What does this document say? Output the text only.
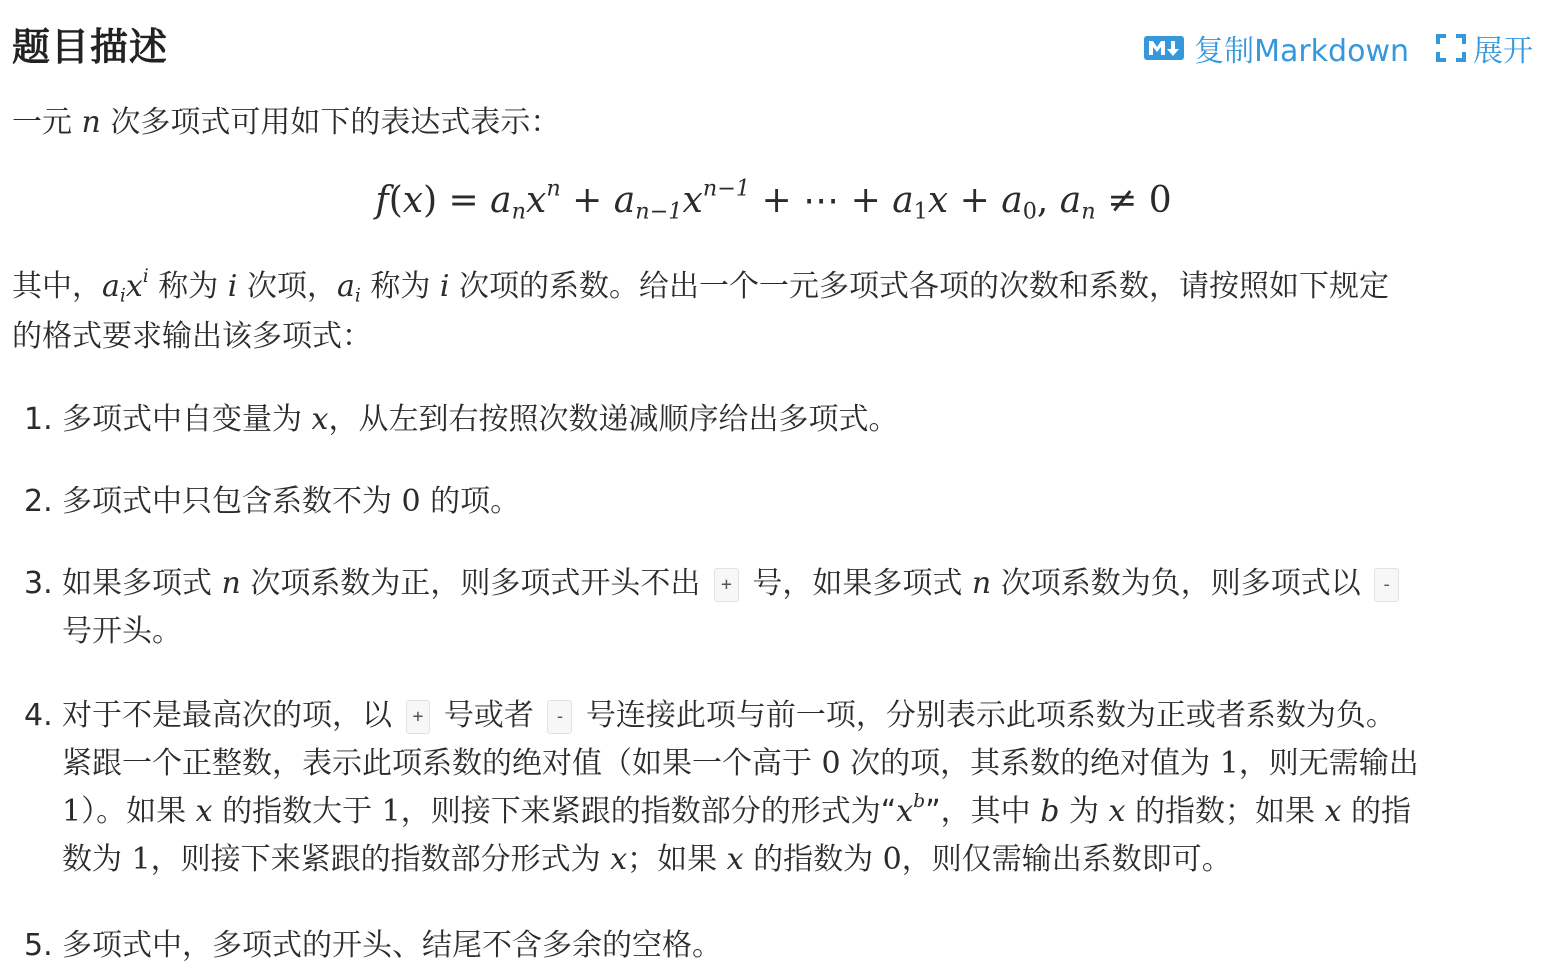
题目描述	复制Markdown 展开
一元 n 次多项式可用如下的表达式表示：
$f(x) = a_nx^n + a_{n-1}x^{n-1}$ + ⋯ + $a_1x + a_0$, $a_n \ne 0$
其中，$a_ix^i$ 称为 i 次项，$a_i$ 称为 i 次项的系数。给出一个一元多项式各项的次数和系数，请按照如下规定
的格式要求输出该多项式：
1. 多项式中自变量为 x，从左到右按照次数递减顺序给出多项式。
2. 多项式中只包含系数不为 0 的项。
3. 如果多项式 n 次项系数为正，则多项式开头不出 + 号，如果多项式 n 次项系数为负，则多项式以 -
号开头。
4. 对于不是最高次的项，以 + 号或者 - 号连接此项与前一项，分别表示此项系数为正或者系数为负。
紧跟一个正整数，表示此项系数的绝对值（如果一个高于 0 次的项，其系数的绝对值为 1，则无需输出
1）。如果 x 的指数大于 1，则接下来紧跟的指数部分的形式为“$x^b$”，其中 b 为 x 的指数；如果 x 的指
数为 1，则接下来紧跟的指数部分形式为 x；如果 x 的指数为 0，则仅需输出系数即可。
5. 多项式中，多项式的开头、结尾不含多余的空格。
